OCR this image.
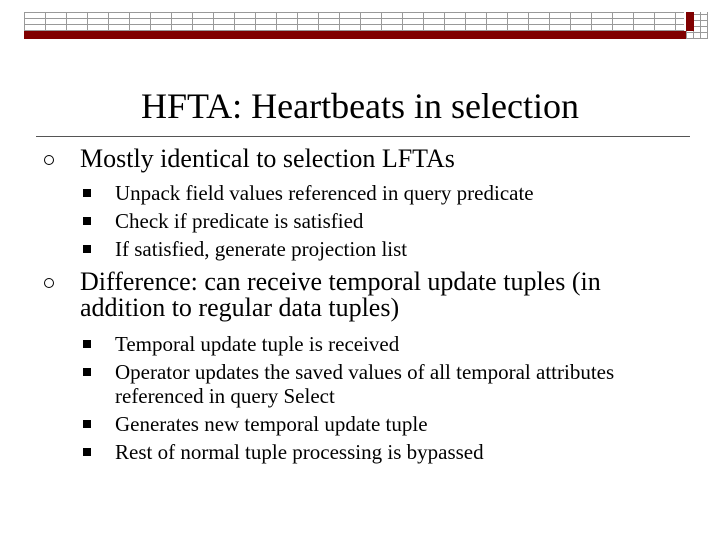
HFTA: Heartbeats in selection
Mostly identical to selection LFTAs
Unpack field values referenced in query predicate
Check if predicate is satisfied
If satisfied, generate projection list
Difference: can receive temporal update tuples (in addition to regular data tuples)
Temporal update tuple is received
Operator updates the saved values of all temporal attributes referenced in query Select
Generates new temporal update tuple
Rest of normal tuple processing is bypassed
